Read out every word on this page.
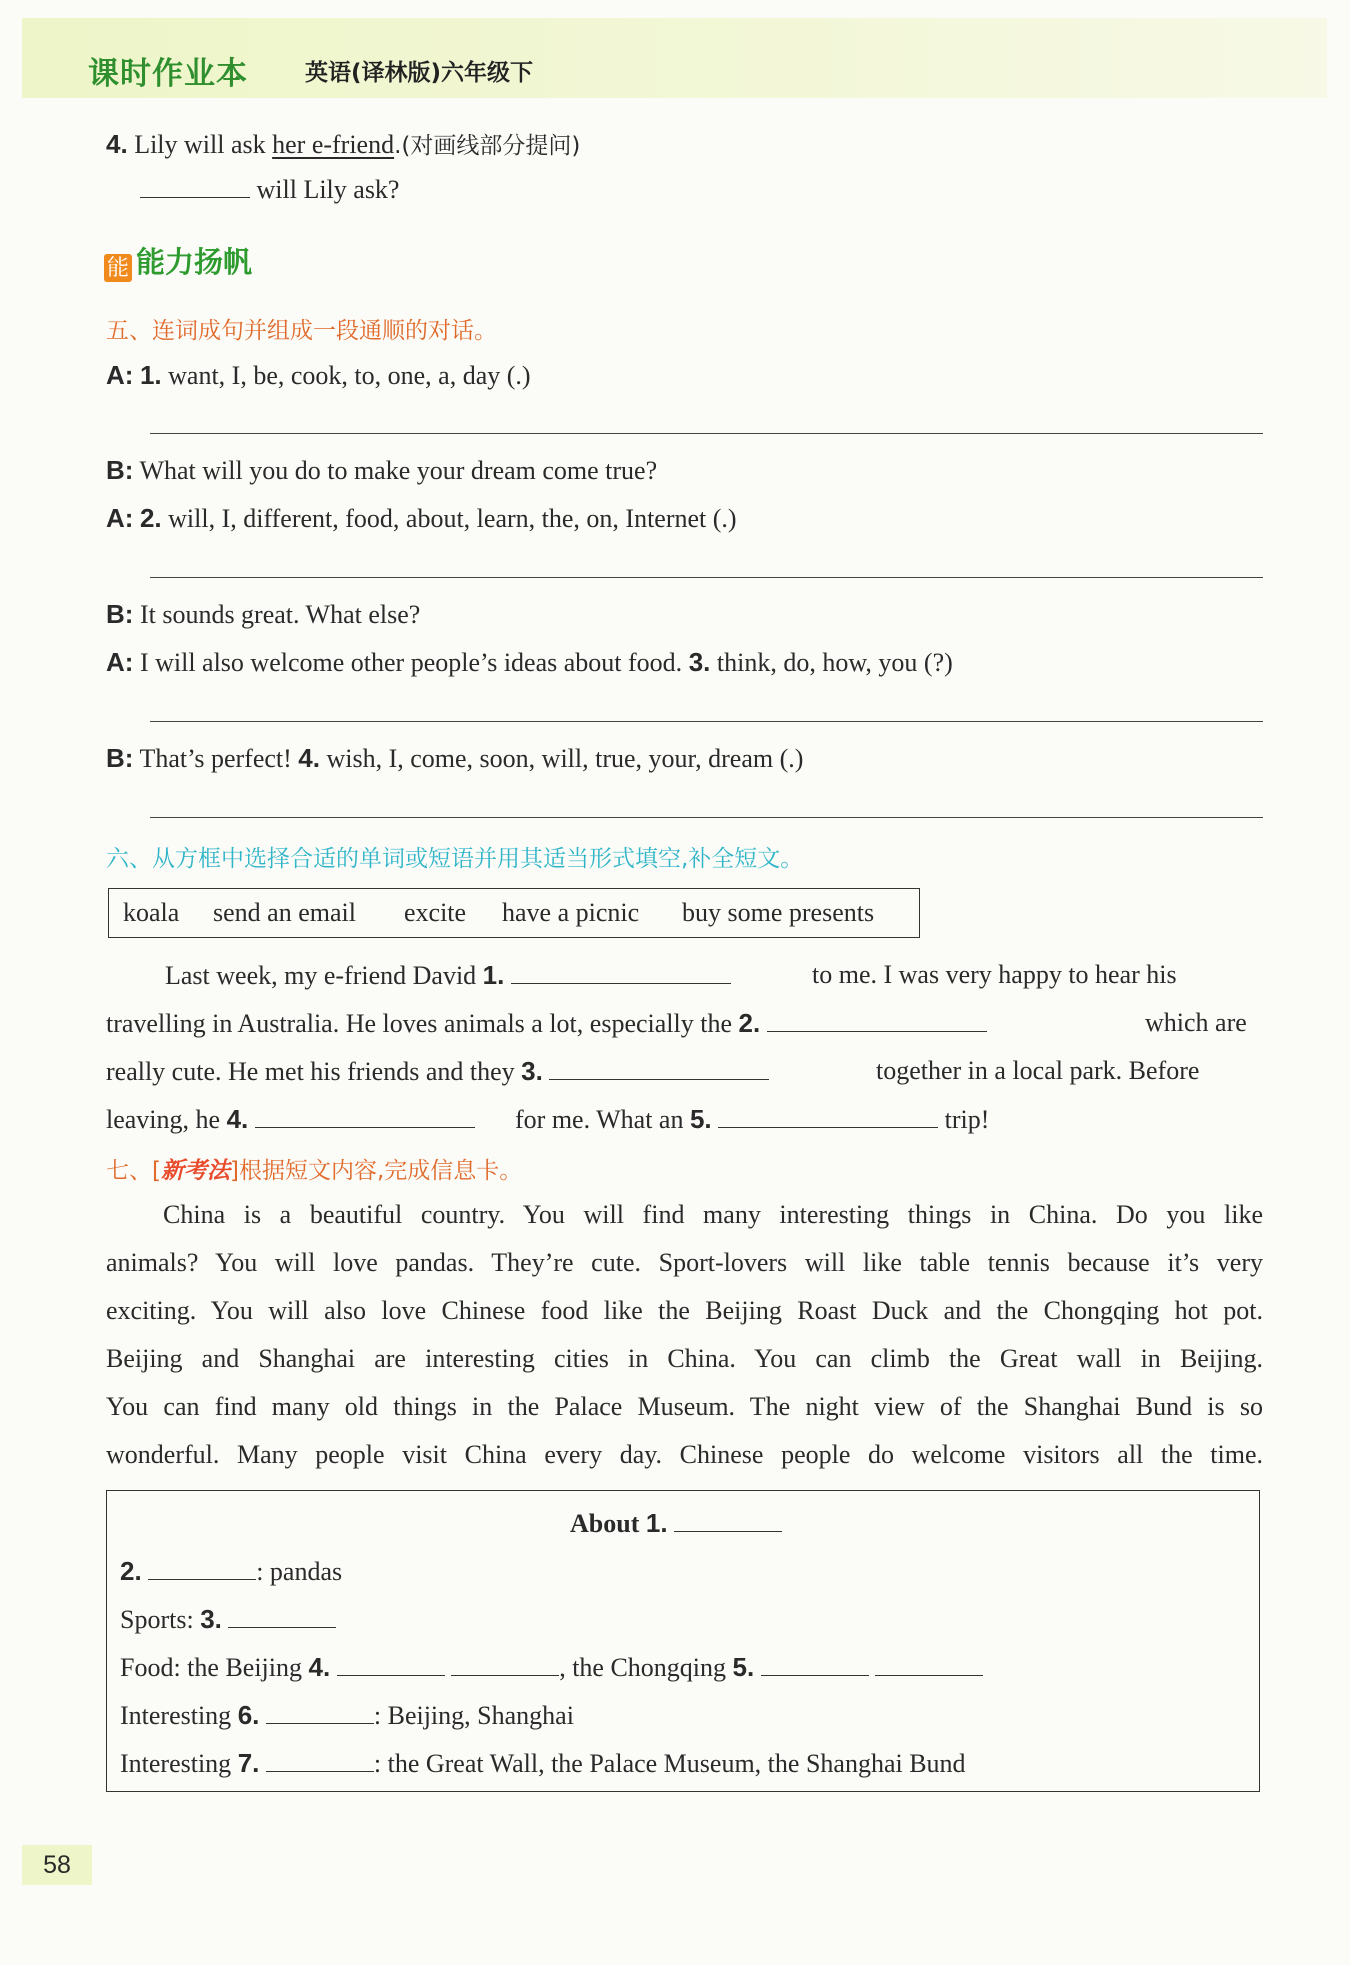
课时作业本 英语(译林版)六年级下
4. Lily will ask her e-friend.(对画线部分提问)
will Lily ask?
能 能力扬帆
五、连词成句并组成一段通顺的对话。
A: 1. want, I, be, cook, to, one, a, day (.)
B: What will you do to make your dream come true?
A: 2. will, I, different, food, about, learn, the, on, Internet (.)
B: It sounds great. What else?
A: I will also welcome other people’s ideas about food. 3. think, do, how, you (?)
B: That’s perfect! 4. wish, I, come, soon, will, true, your, dream (.)
六、从方框中选择合适的单词或短语并用其适当形式填空,补全短文。
koala send an email excite have a picnic buy some presents
Last week, my e-friend David 1.	to me. I was very happy to hear his
travelling in Australia. He loves animals a lot, especially the 2.	which are
really cute. He met his friends and they 3.	together in a local park. Before
leaving, he 4.	for me. What an 5.	trip!
七、[新考法]根据短文内容,完成信息卡。
China is a beautiful country. You will find many interesting things in China. Do you like
animals? You will love pandas. They’re cute. Sport-lovers will like table tennis because it’s very
exciting. You will also love Chinese food like the Beijing Roast Duck and the Chongqing hot pot.
Beijing and Shanghai are interesting cities in China. You can climb the Great wall in Beijing.
You can find many old things in the Palace Museum. The night view of the Shanghai Bund is so
wonderful. Many people visit China every day. Chinese people do welcome visitors all the time.
About 1.
2.	: pandas
Sports: 3.
Food: the Beijing 4.	, the Chongqing 5.
Interesting 6.	: Beijing, Shanghai
Interesting 7.	: the Great Wall, the Palace Museum, the Shanghai Bund
58
